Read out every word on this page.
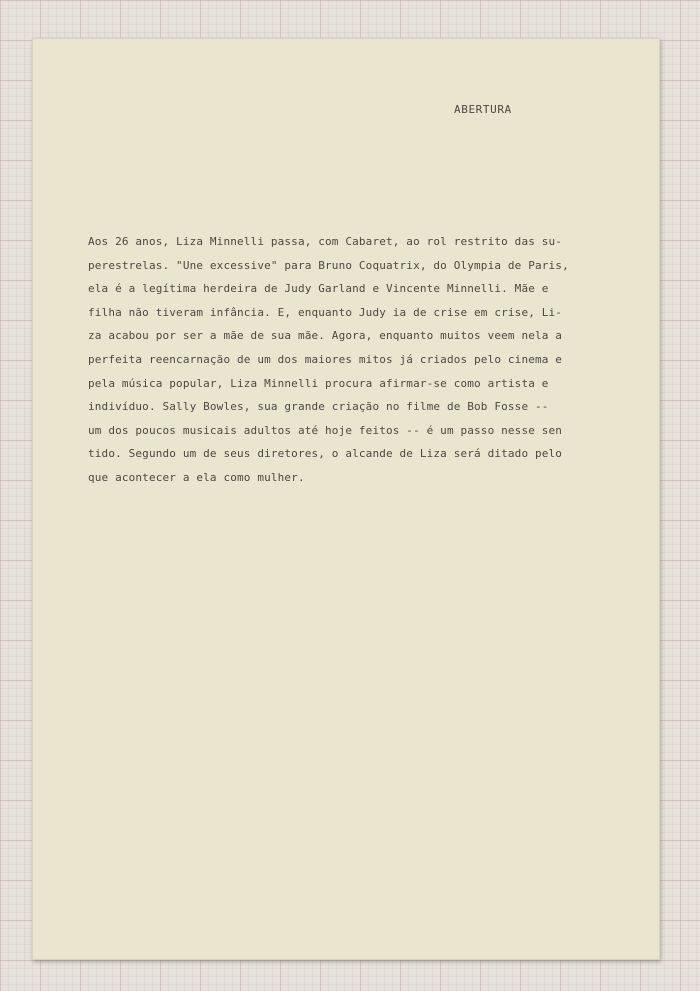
ABERTURA
Aos 26 anos, Liza Minnelli passa, com Cabaret, ao rol restrito das su-
perestrelas. "Une excessive" para Bruno Coquatrix, do Olympia de Paris,
ela é a legítima herdeira de Judy Garland e Vincente Minnelli. Mãe e
filha não tiveram infância. E, enquanto Judy ia de crise em crise, Li-
za acabou por ser a mãe de sua mãe. Agora, enquanto muitos veem nela a
perfeita reencarnação de um dos maiores mitos já criados pelo cinema e
pela música popular, Liza Minnelli procura afirmar-se como artista e
indivíduo. Sally Bowles, sua grande criação no filme de Bob Fosse --
um dos poucos musicais adultos até hoje feitos -- é um passo nesse sen
tido. Segundo um de seus diretores, o alcande de Liza será ditado pelo
que acontecer a ela como mulher.
